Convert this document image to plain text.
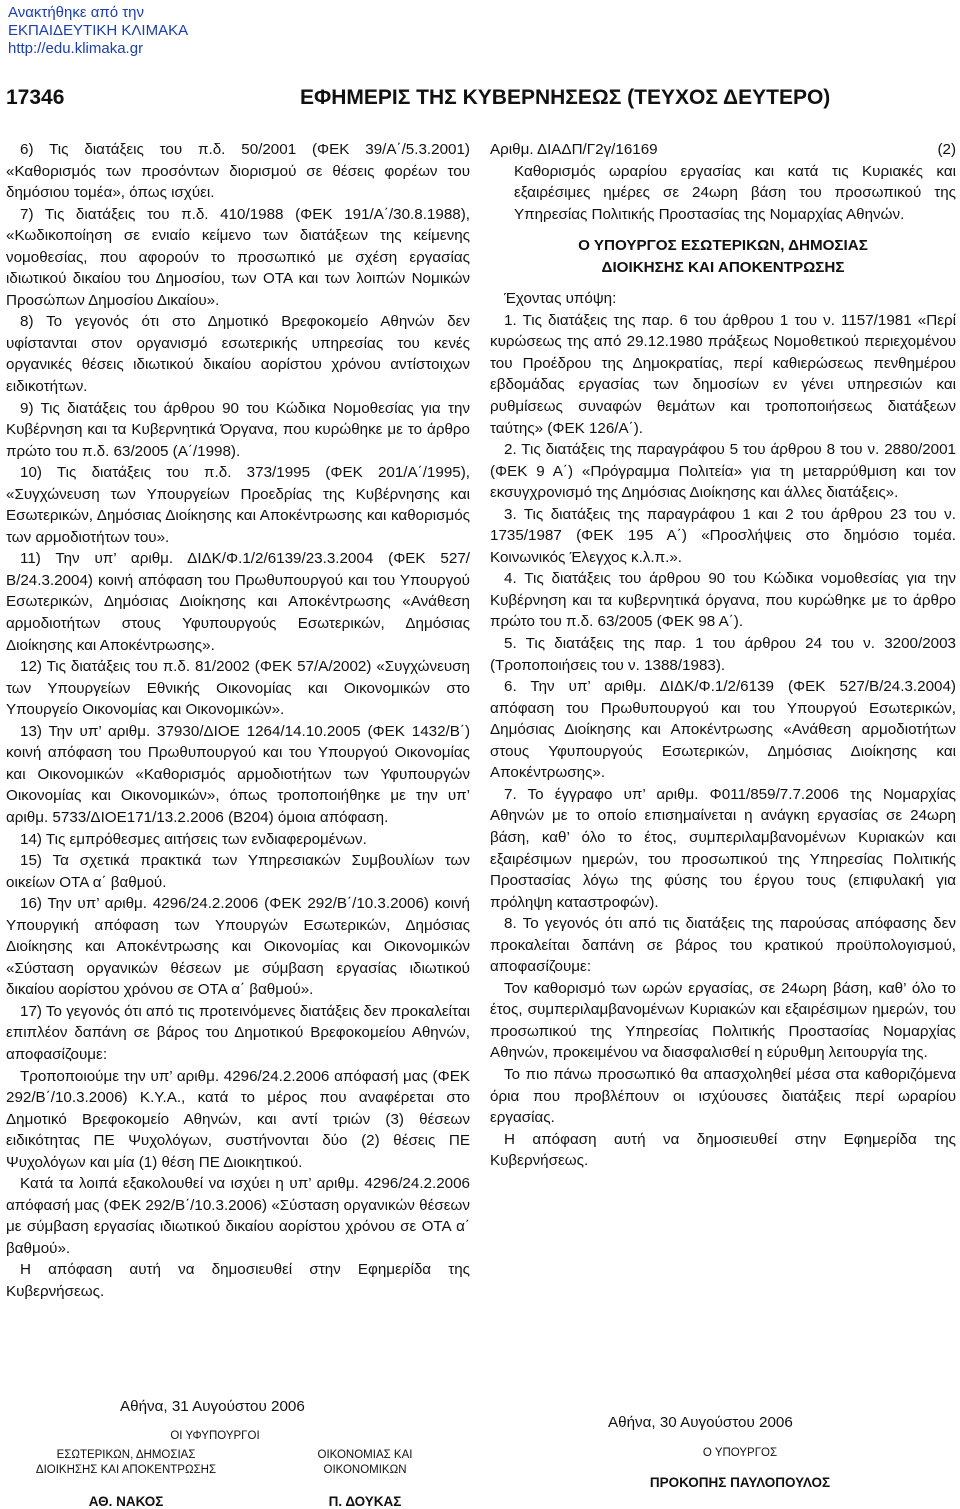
Ανακτήθηκε από την
ΕΚΠΑΙΔΕΥΤΙΚΗ ΚΛΙΜΑΚΑ
http://edu.klimaka.gr
17346	ΕΦΗΜΕΡΙΣ ΤΗΣ ΚΥΒΕΡΝΗΣΕΩΣ (ΤΕΥΧΟΣ ΔΕΥΤΕΡΟ)

6) Τις διατάξεις του π.δ. 50/2001 (ΦΕΚ 39/Α΄/5.3.2001) «Καθορισμός των προσόντων διορισμού σε θέσεις φορέων του δημόσιου τομέα», όπως ισχύει.

7) Τις διατάξεις του π.δ. 410/1988 (ΦΕΚ 191/Α΄/30.8.1988), «Κωδικοποίηση σε ενιαίο κείμενο των διατάξεων της κείμενης νομοθεσίας, που αφορούν το προσωπικό με σχέση εργασίας ιδιωτικού δικαίου του Δημοσίου, των ΟΤΑ και των λοιπών Νομικών Προσώπων Δημοσίου Δικαίου».

8) Το γεγονός ότι στο Δημοτικό Βρεφοκομείο Αθηνών δεν υφίστανται στον οργανισμό εσωτερικής υπηρεσίας του κενές οργανικές θέσεις ιδιωτικού δικαίου αορίστου χρόνου αντίστοιχων ειδικοτήτων.

9) Τις διατάξεις του άρθρου 90 του Κώδικα Νομοθεσίας για την Κυβέρνηση και τα Κυβερνητικά Όργανα, που κυρώθηκε με το άρθρο πρώτο του π.δ. 63/2005 (Α΄/1998).

10) Τις διατάξεις του π.δ. 373/1995 (ΦΕΚ 201/Α΄/1995), «Συγχώνευση των Υπουργείων Προεδρίας της Κυβέρνησης και Εσωτερικών, Δημόσιας Διοίκησης και Αποκέντρωσης και καθορισμός των αρμοδιοτήτων του».

11) Την υπ’ αριθμ. ΔΙΔΚ/Φ.1/2/6139/23.3.2004 (ΦΕΚ 527/Β/24.3.2004) κοινή απόφαση του Πρωθυπουργού και του Υπουργού Εσωτερικών, Δημόσιας Διοίκησης και Αποκέντρωσης «Ανάθεση αρμοδιοτήτων στους Υφυπουργούς Εσωτερικών, Δημόσιας Διοίκησης και Αποκέντρωσης».

12) Τις διατάξεις του π.δ. 81/2002 (ΦΕΚ 57/Α/2002) «Συγχώνευση των Υπουργείων Εθνικής Οικονομίας και Οικονομικών στο Υπουργείο Οικονομίας και Οικονομικών».

13) Την υπ’ αριθμ. 37930/ΔΙΟΕ 1264/14.10.2005 (ΦΕΚ 1432/Β΄) κοινή απόφαση του Πρωθυπουργού και του Υπουργού Οικονομίας και Οικονομικών «Καθορισμός αρμοδιοτήτων των Υφυπουργών Οικονομίας και Οικονομικών», όπως τροποποιήθηκε με την υπ’ αριθμ. 5733/ΔΙΟΕ171/13.2.2006 (Β204) όμοια απόφαση.

14) Τις εμπρόθεσμες αιτήσεις των ενδιαφερομένων.

15) Τα σχετικά πρακτικά των Υπηρεσιακών Συμβουλίων των οικείων ΟΤΑ α΄ βαθμού.

16) Την υπ’ αριθμ. 4296/24.2.2006 (ΦΕΚ 292/Β΄/10.3.2006) κοινή Υπουργική απόφαση των Υπουργών Εσωτερικών, Δημόσιας Διοίκησης και Αποκέντρωσης και Οικονομίας και Οικονομικών «Σύσταση οργανικών θέσεων με σύμβαση εργασίας ιδιωτικού δικαίου αορίστου χρόνου σε ΟΤΑ α΄ βαθμού».

17) Το γεγονός ότι από τις προτεινόμενες διατάξεις δεν προκαλείται επιπλέον δαπάνη σε βάρος του Δημοτικού Βρεφοκομείου Αθηνών, αποφασίζουμε:

Τροποποιούμε την υπ’ αριθμ. 4296/24.2.2006 απόφασή μας (ΦΕΚ 292/Β΄/10.3.2006) Κ.Υ.Α., κατά το μέρος που αναφέρεται στο Δημοτικό Βρεφοκομείο Αθηνών, και αντί τριών (3) θέσεων ειδικότητας ΠΕ Ψυχολόγων, συστήνονται δύο (2) θέσεις ΠΕ Ψυχολόγων και μία (1) θέση ΠΕ Διοικητικού.

Κατά τα λοιπά εξακολουθεί να ισχύει η υπ’ αριθμ. 4296/24.2.2006 απόφασή μας (ΦΕΚ 292/Β΄/10.3.2006) «Σύσταση οργανικών θέσεων με σύμβαση εργασίας ιδιωτικού δικαίου αορίστου χρόνου σε ΟΤΑ α΄ βαθμού».

Η απόφαση αυτή να δημοσιευθεί στην Εφημερίδα της Κυβερνήσεως.

Αθήνα, 31 Αυγούστου 2006
ΟΙ ΥΦΥΠΟΥΡΓΟΙ
ΕΣΩΤΕΡΙΚΩΝ, ΔΗΜΟΣΙΑΣ
ΔΙΟΙΚΗΣΗΣ ΚΑΙ ΑΠΟΚΕΝΤΡΩΣΗΣ
ΑΘ. ΝΑΚΟΣ
ΟΙΚΟΝΟΜΙΑΣ ΚΑΙ
ΟΙΚΟΝΟΜΙΚΩΝ
Π. ΔΟΥΚΑΣ
Αριθμ. ΔΙΑΔΠ/Γ2γ/16169	(2)

Καθορισμός ωραρίου εργασίας και κατά τις Κυριακές και εξαιρέσιμες ημέρες σε 24ωρη βάση του προσωπικού της Υπηρεσίας Πολιτικής Προστασίας της Νομαρχίας Αθηνών.

Ο ΥΠΟΥΡΓΟΣ ΕΣΩΤΕΡΙΚΩΝ, ΔΗΜΟΣΙΑΣ

ΔΙΟΙΚΗΣΗΣ ΚΑΙ ΑΠΟΚΕΝΤΡΩΣΗΣ

Έχοντας υπόψη:

1. Τις διατάξεις της παρ. 6 του άρθρου 1 του ν. 1157/1981 «Περί κυρώσεως της από 29.12.1980 πράξεως Νομοθετικού περιεχομένου του Προέδρου της Δημοκρατίας, περί καθιερώσεως πενθημέρου εβδομάδας εργασίας των δημοσίων εν γένει υπηρεσιών και ρυθμίσεως συναφών θεμάτων και τροποποιήσεως διατάξεων ταύτης» (ΦΕΚ 126/Α΄).

2. Τις διατάξεις της παραγράφου 5 του άρθρου 8 του ν. 2880/2001 (ΦΕΚ 9 Α΄) «Πρόγραμμα Πολιτεία» για τη μεταρρύθμιση και τον εκσυγχρονισμό της Δημόσιας Διοίκησης και άλλες διατάξεις».

3. Τις διατάξεις της παραγράφου 1 και 2 του άρθρου 23 του ν. 1735/1987 (ΦΕΚ 195 Α΄) «Προσλήψεις στο δημόσιο τομέα. Κοινωνικός Έλεγχος κ.λ.π.».

4. Τις διατάξεις του άρθρου 90 του Κώδικα νομοθεσίας για την Κυβέρνηση και τα κυβερνητικά όργανα, που κυρώθηκε με το άρθρο πρώτο του π.δ. 63/2005 (ΦΕΚ 98 Α΄).

5. Τις διατάξεις της παρ. 1 του άρθρου 24 του ν. 3200/2003 (Τροποποιήσεις του ν. 1388/1983).

6. Την υπ’ αριθμ. ΔΙΔΚ/Φ.1/2/6139 (ΦΕΚ 527/Β/24.3.2004) απόφαση του Πρωθυπουργού και του Υπουργού Εσωτερικών, Δημόσιας Διοίκησης και Αποκέντρωσης «Ανάθεση αρμοδιοτήτων στους Υφυπουργούς Εσωτερικών, Δημόσιας Διοίκησης και Αποκέντρωσης».

7. Το έγγραφο υπ’ αριθμ. Φ011/859/7.7.2006 της Νομαρχίας Αθηνών με το οποίο επισημαίνεται η ανάγκη εργασίας σε 24ωρη βάση, καθ’ όλο το έτος, συμπεριλαμβανομένων Κυριακών και εξαιρέσιμων ημερών, του προσωπικού της Υπηρεσίας Πολιτικής Προστασίας λόγω της φύσης του έργου τους (επιφυλακή για πρόληψη καταστροφών).

8. Το γεγονός ότι από τις διατάξεις της παρούσας απόφασης δεν προκαλείται δαπάνη σε βάρος του κρατικού προϋπολογισμού, αποφασίζουμε:

Τον καθορισμό των ωρών εργασίας, σε 24ωρη βάση, καθ’ όλο το έτος, συμπεριλαμβανομένων Κυριακών και εξαιρέσιμων ημερών, του προσωπικού της Υπηρεσίας Πολιτικής Προστασίας Νομαρχίας Αθηνών, προκειμένου να διασφαλισθεί η εύρυθμη λειτουργία της.

Το πιο πάνω προσωπικό θα απασχοληθεί μέσα στα καθοριζόμενα όρια που προβλέπουν οι ισχύουσες διατάξεις περί ωραρίου εργασίας.

Η απόφαση αυτή να δημοσιευθεί στην Εφημερίδα της Κυβερνήσεως.

Αθήνα, 30 Αυγούστου 2006
Ο ΥΠΟΥΡΓΟΣ
ΠΡΟΚΟΠΗΣ ΠΑΥΛΟΠΟΥΛΟΣ
